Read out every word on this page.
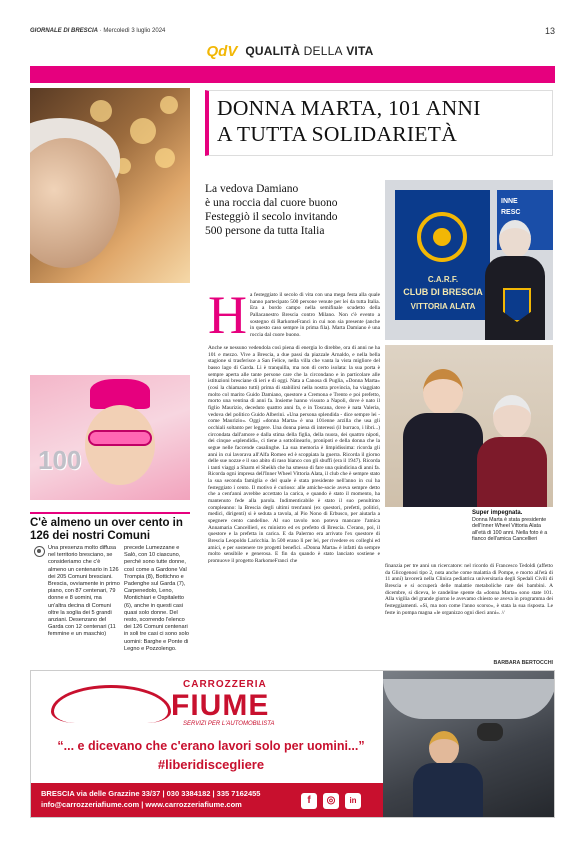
GIORNALE DI BRESCIA · Mercoledì 3 luglio 2024	13
QdV QUALITÀ DELLA VITA
100
C'è almeno un over cento in 126 dei nostri Comuni
Una presenza molto diffusa nel territorio bresciano, se consideriamo che c'è almeno un centenario in 126 dei 205 Comuni bresciani. Brescia, ovviamente in primo piano, con 87 centenari, 79 donne e 8 uomini, ma un'altra decina di Comuni oltre la soglia dei 5 grandi anziani. Desenzano del Garda con 12 centenari (11 femmine e un maschio)
precede Lumezzane e Salò, con 10 ciascuno, perché sono tutte donne, così come a Gardone Val Trompia (8), Bottichno e Padenghe sul Garda (7), Carpenedolo, Leno, Montichiari e Ospitaletto (6), anche in questi casi quasi solo donne. Del resto, scorrendo l'elenco dei 126 Comuni centenari in soli tre casi ci sono solo uomini: Barghe e Ponte di Legno e Pozzolengo.
DONNA MARTA, 101 ANNI
A TUTTA SOLIDARIETÀ
La vedova Damiano
è una roccia dal cuore buono
Festeggiò il secolo invitando
500 persone da tutta Italia
H a festeggiato il secolo di vita con una mega festa alla quale hanno partecipato 500 persone venute per lei da tutta Italia. Era a bordo campo nella semifinale scudetto della Pallacanestro Brescia contro Milano. Non c'è evento a sostegno di RarkomeFranci in cui non sia presente (anche in questo caso sempre in prima fila). Marta Damiano è una roccia dal cuore buono.
Anche se nessuno vedendola così piena di energia lo direbbe, ora di anni ne ha 101 e mezzo. Vive a Brescia, a due passi da piazzale Arnaldo, e nella bella stagione si trasferisce a San Felice, nella villa che vanta la vista migliore del basso lago di Garda. Li è tranquilla, ma non di certo isolata: la sua porta è sempre aperta alle tante persone care che la circondano e in particolare alle istituzioni bresciane di ieri e di oggi. Nata a Canosa di Puglia, «Donna Marta» (così la chiamano tutti) prima di stabilirsi nella nostra provincia, ha viaggiato molto col marito Guido Damiano, questore a Cremona e Trento e poi prefetto, morto una ventina di anni fa. Insieme hanno vissuto a Napoli, dove è nato il figlio Maurizio, deceduto quattro anni fa, e in Toscana, dove è nata Valeria, vedova del politico Guido Alberini. «Una persona splendida - dice sempre lei - come Maurizio». Oggi «donna Marta» è una 101enne arzilla che usa gli occhiali soltanto per leggere. Una donna piena di interessi (il burraco, i libri...) circondata dall'amore e dalla stima della figlia, della nuora, dei quattro nipoti, dei cinque «splendidi», ci tiene a sottolinearlo, pronipoti e della donna che la segue nelle faccende casalinghe. La sua memoria è limpidissima: ricorda gli anni in cui lavorava all'Alfa Romeo ed è scoppiata la guerra. Ricorda il giorno delle sue nozze e il suo abito di raso bianco con gli sbuffi (era il 1947). Ricorda i tanti viaggi a Sharm el Sheikh che ha smesso di fare una quindicina di anni fa. Ricorda ogni impresa dell'Inner Wheel Vittoria Alata, il club che è sempre stato la sua seconda famiglia e del quale è stata presidente nell'anno in cui ha festeggiato i cento. Il motivo è curioso: alle amiche-socie aveva sempre detto che a cent'anni avrebbe accettato la carica, e quando è stato il momento, ha mantenuto fede alla parola. Indimenticabile è stato il suo penultimo compleanno: la Brescia degli ultimi trent'anni (ex questori, prefetti, politici, medici, dirigenti) si è seduta a tavola, al Pio Nono di Erbusco, per aiutarla a spegnere cento candeline. Al suo tavolo non poteva mancare l'amica Annamaria Cancellieri, ex ministro ed ex prefetto di Brescia. C'erano, poi, il questore e la prefetta in carica. E da Palermo era arrivato l'ex questore di Brescia Leopoldo Laricchia. In 500 erano lì per lei, per rivedere ex colleghi ed amici, e per sostenere tre progetti benefici. «Donna Marta» è infatti da sempre molto sensibile e generosa. E fin da quando è stato lanciato sostiene e promuove il progetto RarkomeFranci che
finanzia per tre anni un ricercatore: nel ricordo di Francesco Tedoldi (affetto da Glicogenosi tipo 2, nota anche come malattia di Pompe, e morto all'età di 11 anni) lavorerà nella Clinica pediatrica universitaria degli Spedali Civili di Brescia e si occuperà delle malattie metaboliche rare dei bambini. A dicembre, si diceva, le candeline spente da «donna Marta» sono state 101. Alla vigilia del grande giorno le avevamo chiesto se aveva in programma dei festeggiamenti. «Sì, ma non come l'anno scorso», è stata la sua risposta. Le feste in pompa magna «le organizzo ogni dieci anni». //
BARBARA BERTOCCHI
C.A.R.F.
CLUB DI BRESCIA
VITTORIA ALATA
INNE
RESC
Super impegnata.
Donna Marta è stata presidente dell'Inner Wheel Vittoria Alata all'età di 100 anni. Nella foto è a fianco dell'amica Cancellieri
CARROZZERIA
FIUME
SERVIZI PER L'AUTOMOBILISTA
“... e dicevano che c'erano lavori solo per uomini...”
#liberidiscegliere
BRESCIA via delle Grazzine 33/37 | 030 3384182 | 335 7162455
info@carrozzeriafiume.com | www.carrozzeriafiume.com	f	◎	in
